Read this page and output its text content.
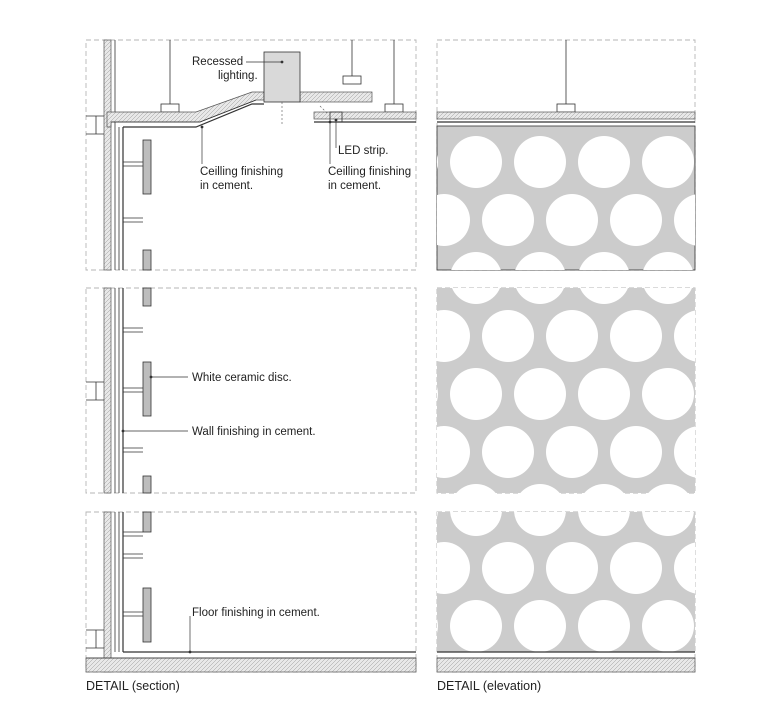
Recessed
lighting.
LED strip.
Ceilling finishing
in cement.
Ceilling finishing
in cement.
White ceramic disc.
Wall finishing in cement.
Floor finishing in cement.
DETAIL (section)	DETAIL (elevation)
